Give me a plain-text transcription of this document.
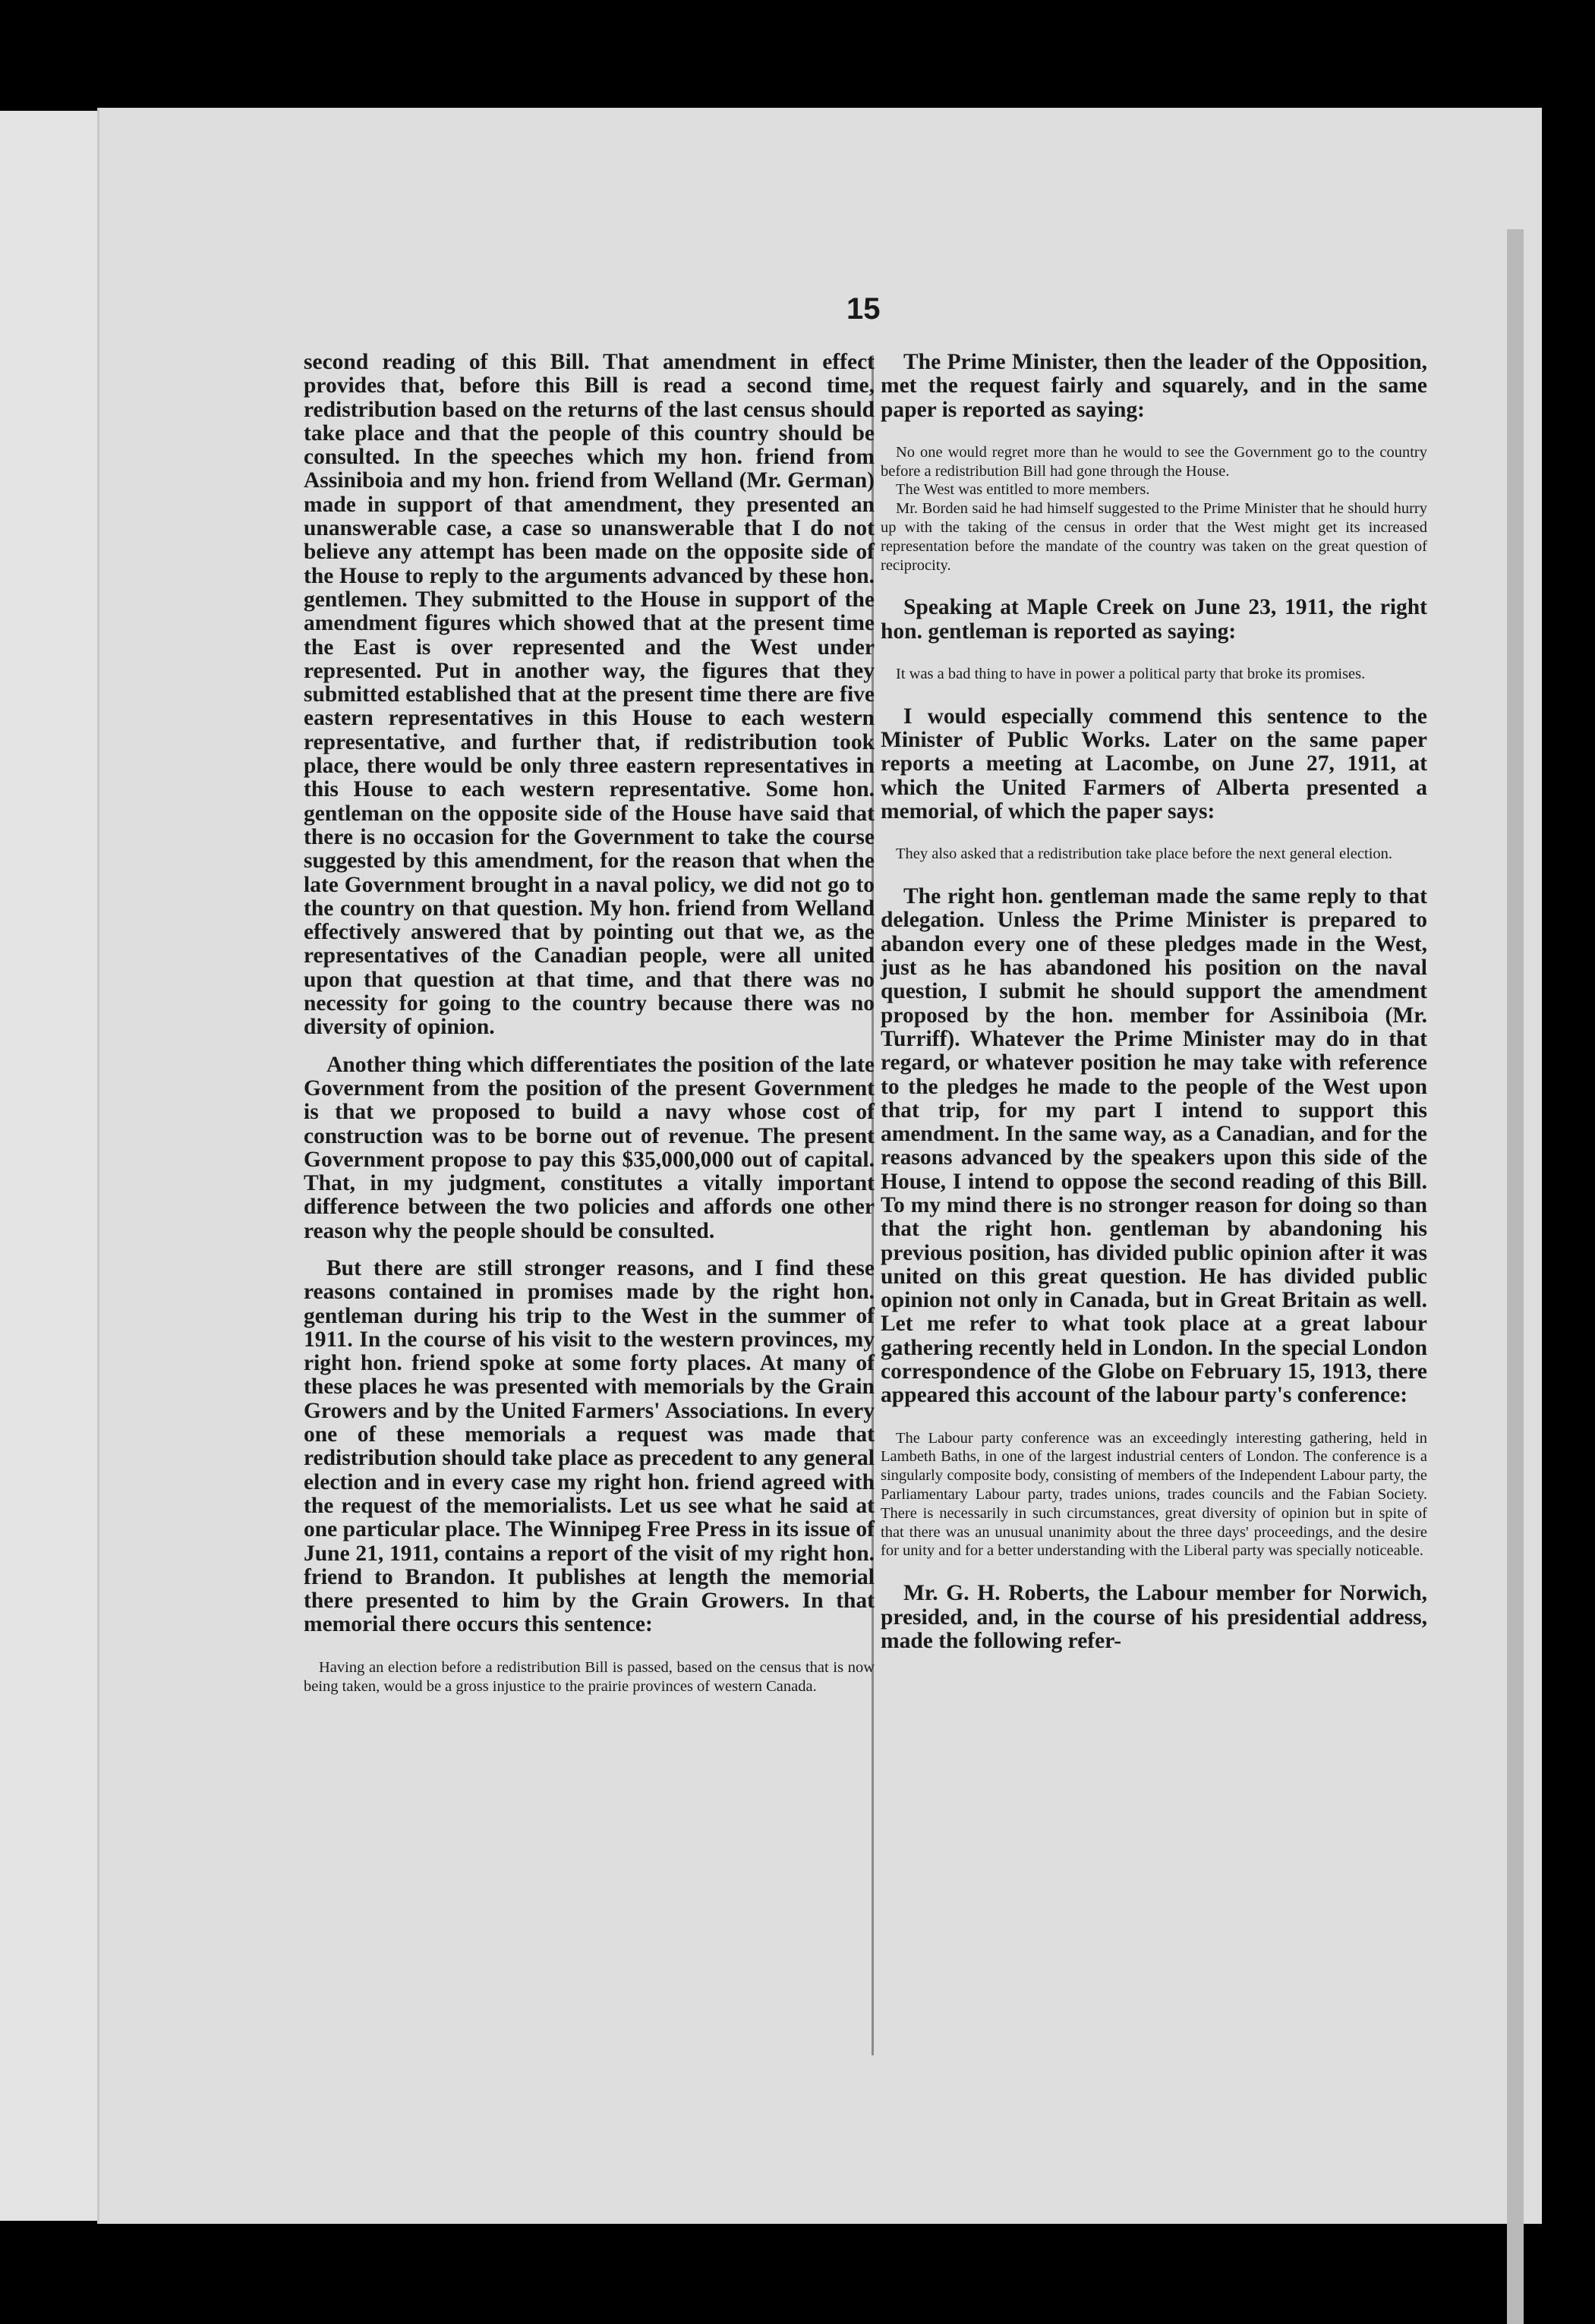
15

second reading of this Bill. That amendment in effect provides that, before this Bill is read a second time, redistribution based on the returns of the last census should take place and that the people of this country should be consulted. In the speeches which my hon. friend from Assiniboia and my hon. friend from Welland (Mr. German) made in support of that amendment, they presented an unanswerable case, a case so unanswerable that I do not believe any attempt has been made on the opposite side of the House to reply to the arguments advanced by these hon. gentlemen. They submitted to the House in support of the amendment figures which showed that at the present time the East is over represented and the West under represented. Put in another way, the figures that they submitted established that at the present time there are five eastern representatives in this House to each western representative, and further that, if redistribution took place, there would be only three eastern representatives in this House to each western representative. Some hon. gentleman on the opposite side of the House have said that there is no occasion for the Government to take the course suggested by this amendment, for the reason that when the late Government brought in a naval policy, we did not go to the country on that question. My hon. friend from Welland effectively answered that by pointing out that we, as the representatives of the Canadian people, were all united upon that question at that time, and that there was no necessity for going to the country because there was no diversity of opinion.

Another thing which differentiates the position of the late Government from the position of the present Government is that we proposed to build a navy whose cost of construction was to be borne out of revenue. The present Government propose to pay this $35,000,000 out of capital. That, in my judgment, constitutes a vitally important difference between the two policies and affords one other reason why the people should be consulted.

But there are still stronger reasons, and I find these reasons contained in promises made by the right hon. gentleman during his trip to the West in the summer of 1911. In the course of his visit to the western provinces, my right hon. friend spoke at some forty places. At many of these places he was presented with memorials by the Grain Growers and by the United Farmers' Associations. In every one of these memorials a request was made that redistribution should take place as precedent to any general election and in every case my right hon. friend agreed with the request of the memorialists. Let us see what he said at one particular place. The Winnipeg Free Press in its issue of June 21, 1911, contains a report of the visit of my right hon. friend to Brandon. It publishes at length the memorial there presented to him by the Grain Growers. In that memorial there occurs this sentence:

Having an election before a redistribution Bill is passed, based on the census that is now being taken, would be a gross injustice to the prairie provinces of western Canada.

The Prime Minister, then the leader of the Opposition, met the request fairly and squarely, and in the same paper is reported as saying:

No one would regret more than he would to see the Government go to the country before a redistribution Bill had gone through the House.

The West was entitled to more members.

Mr. Borden said he had himself suggested to the Prime Minister that he should hurry up with the taking of the census in order that the West might get its increased representation before the mandate of the country was taken on the great question of reciprocity.

Speaking at Maple Creek on June 23, 1911, the right hon. gentleman is reported as saying:

It was a bad thing to have in power a political party that broke its promises.

I would especially commend this sentence to the Minister of Public Works. Later on the same paper reports a meeting at Lacombe, on June 27, 1911, at which the United Farmers of Alberta presented a memorial, of which the paper says:

They also asked that a redistribution take place before the next general election.

The right hon. gentleman made the same reply to that delegation. Unless the Prime Minister is prepared to abandon every one of these pledges made in the West, just as he has abandoned his position on the naval question, I submit he should support the amendment proposed by the hon. member for Assiniboia (Mr. Turriff). Whatever the Prime Minister may do in that regard, or whatever position he may take with reference to the pledges he made to the people of the West upon that trip, for my part I intend to support this amendment. In the same way, as a Canadian, and for the reasons advanced by the speakers upon this side of the House, I intend to oppose the second reading of this Bill. To my mind there is no stronger reason for doing so than that the right hon. gentleman by abandoning his previous position, has divided public opinion after it was united on this great question. He has divided public opinion not only in Canada, but in Great Britain as well. Let me refer to what took place at a great labour gathering recently held in London. In the special London correspondence of the Globe on February 15, 1913, there appeared this account of the labour party's conference:

The Labour party conference was an exceedingly interesting gathering, held in Lambeth Baths, in one of the largest industrial centers of London. The conference is a singularly composite body, consisting of members of the Independent Labour party, the Parliamentary Labour party, trades unions, trades councils and the Fabian Society. There is necessarily in such circumstances, great diversity of opinion but in spite of that there was an unusual unanimity about the three days' proceedings, and the desire for unity and for a better understanding with the Liberal party was specially noticeable.

Mr. G. H. Roberts, the Labour member for Norwich, presided, and, in the course of his presidential address, made the following refer-
